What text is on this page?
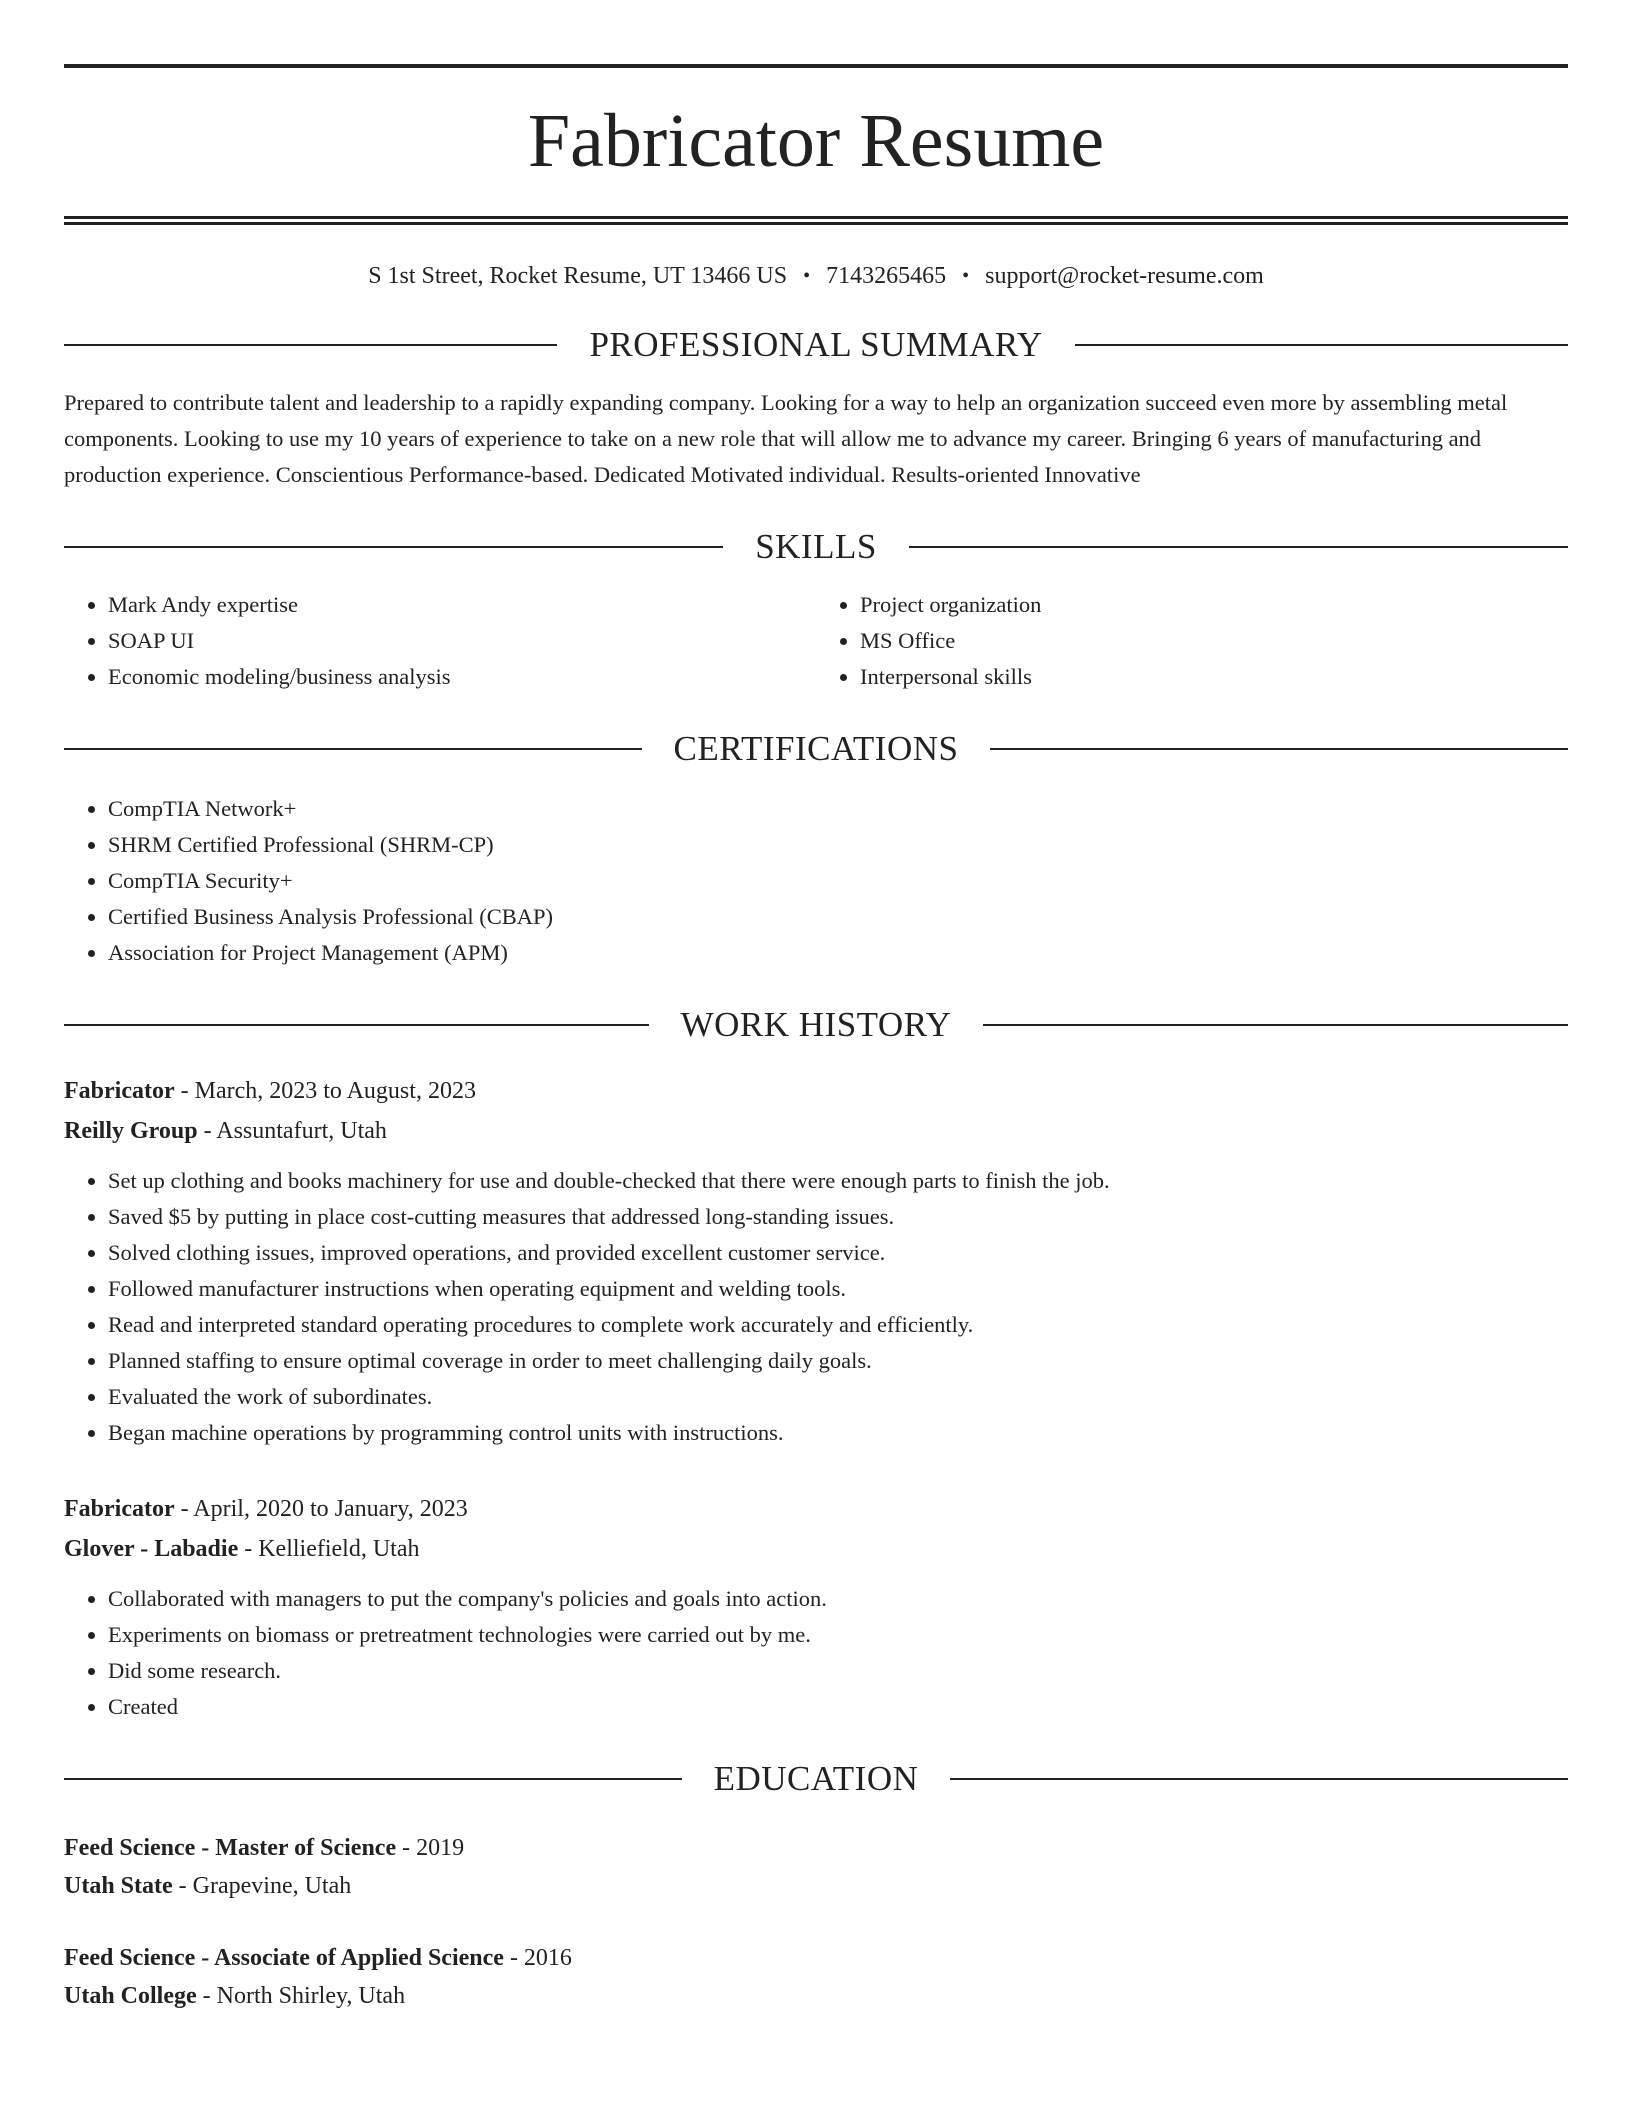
Fabricator Resume
S 1st Street, Rocket Resume, UT 13466 US • 7143265465 • support@rocket-resume.com
PROFESSIONAL SUMMARY
Prepared to contribute talent and leadership to a rapidly expanding company. Looking for a way to help an organization succeed even more by assembling metal components. Looking to use my 10 years of experience to take on a new role that will allow me to advance my career. Bringing 6 years of manufacturing and production experience. Conscientious Performance-based. Dedicated Motivated individual. Results-oriented Innovative
SKILLS
• Mark Andy expertise
• SOAP UI
• Economic modeling/business analysis
• Project organization
• MS Office
• Interpersonal skills
CERTIFICATIONS
• CompTIA Network+
• SHRM Certified Professional (SHRM-CP)
• CompTIA Security+
• Certified Business Analysis Professional (CBAP)
• Association for Project Management (APM)
WORK HISTORY
Fabricator - March, 2023 to August, 2023
Reilly Group - Assuntafurt, Utah
• Set up clothing and books machinery for use and double-checked that there were enough parts to finish the job.
• Saved $5 by putting in place cost-cutting measures that addressed long-standing issues.
• Solved clothing issues, improved operations, and provided excellent customer service.
• Followed manufacturer instructions when operating equipment and welding tools.
• Read and interpreted standard operating procedures to complete work accurately and efficiently.
• Planned staffing to ensure optimal coverage in order to meet challenging daily goals.
• Evaluated the work of subordinates.
• Began machine operations by programming control units with instructions.
Fabricator - April, 2020 to January, 2023
Glover - Labadie - Kelliefield, Utah
• Collaborated with managers to put the company's policies and goals into action.
• Experiments on biomass or pretreatment technologies were carried out by me.
• Did some research.
• Created
EDUCATION
Feed Science - Master of Science - 2019
Utah State - Grapevine, Utah
Feed Science - Associate of Applied Science - 2016
Utah College - North Shirley, Utah
